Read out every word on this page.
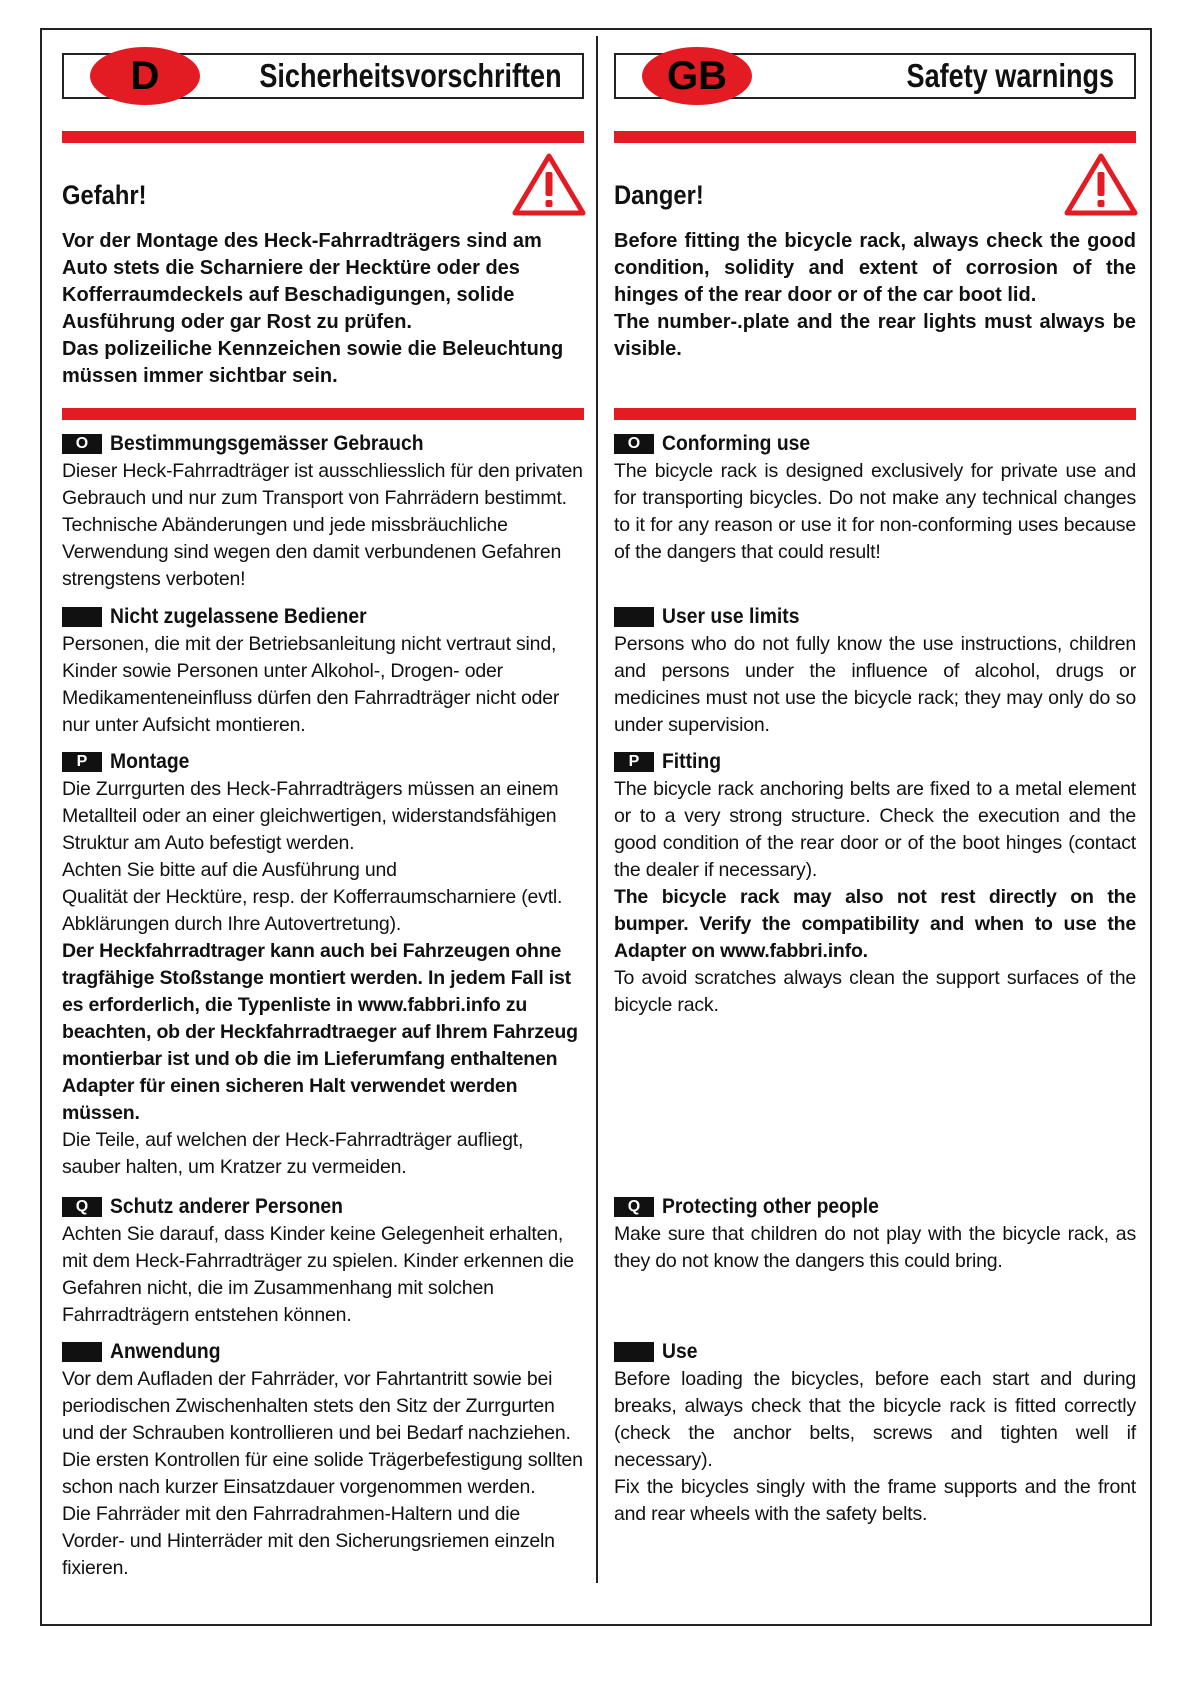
D	Sicherheitsvorschriften
Gefahr!

Vor der Montage des Heck-Fahrradträgers sind am Auto stets die Scharniere der Hecktüre oder des Kofferraumdeckels auf Beschadigungen, solide Ausführung oder gar Rost zu prüfen.

Das polizeiliche Kennzeichen sowie die Beleuchtung müssen immer sichtbar sein.

O	Bestimmungsgemässer Gebrauch

Dieser Heck-Fahrradträger ist ausschliesslich für den privaten Gebrauch und nur zum Transport von Fahrrädern bestimmt. Technische Abänderungen und jede missbräuchliche Verwendung sind wegen den damit verbundenen Gefahren strengstens verboten!

Nicht zugelassene Bediener

Personen, die mit der Betriebsanleitung nicht vertraut sind, Kinder sowie Personen unter Alkohol-, Drogen- oder Medikamenteneinfluss dürfen den Fahrradträger nicht oder nur unter Aufsicht montieren.

P	Montage

Die Zurrgurten des Heck-Fahrradträgers müssen an einem Metallteil oder an einer gleichwertigen, widerstandsfähigen Struktur am Auto befestigt werden.

Achten Sie bitte auf die Ausführung und

Qualität der Hecktüre, resp. der Kofferraumscharniere (evtl. Abklärungen durch Ihre Autovertretung).

Der Heckfahrradtrager kann auch bei Fahrzeugen ohne tragfähige Stoßstange montiert werden. In jedem Fall ist es erforderlich, die Typenliste in www.fabbri.info zu beachten, ob der Heckfahrradtraeger auf Ihrem Fahrzeug montierbar ist und ob die im Lieferumfang enthaltenen Adapter für einen sicheren Halt verwendet werden müssen.

Die Teile, auf welchen der Heck-Fahrradträger aufliegt, sauber halten, um Kratzer zu vermeiden.

Q	Schutz anderer Personen

Achten Sie darauf, dass Kinder keine Gelegenheit erhalten, mit dem Heck-Fahrradträger zu spielen. Kinder erkennen die Gefahren nicht, die im Zusammenhang mit solchen Fahrradträgern entstehen können.

Anwendung

Vor dem Aufladen der Fahrräder, vor Fahrtantritt sowie bei periodischen Zwischenhalten stets den Sitz der Zurrgurten und der Schrauben kontrollieren und bei Bedarf nachziehen. Die ersten Kontrollen für eine solide Trägerbefestigung sollten schon nach kurzer Einsatzdauer vorgenommen werden.

Die Fahrräder mit den Fahrradrahmen-Haltern und die Vorder- und Hinterräder mit den Sicherungsriemen einzeln fixieren.

GB	Safety warnings
Danger!

Before fitting the bicycle rack, always check the good condition, solidity and extent of corrosion of the hinges of the rear door or of the car boot lid.

The number-.plate and the rear lights must always be visible.

O	Conforming use

The bicycle rack is designed exclusively for private use and for transporting bicycles. Do not make any technical changes to it for any reason or use it for non-conforming uses because of the dangers that could result!

User use limits

Persons who do not fully know the use instructions, children and persons under the influence of alcohol, drugs or medicines must not use the bicycle rack; they may only do so under supervision.

P	Fitting

The bicycle rack anchoring belts are fixed to a metal element or to a very strong structure. Check the execution and the good condition of the rear door or of the boot hinges (contact the dealer if necessary).

The bicycle rack may also not rest directly on the bumper. Verify the compatibility and when to use the Adapter on www.fabbri.info.

To avoid scratches always clean the support surfaces of the bicycle rack.

Q	Protecting other people

Make sure that children do not play with the bicycle rack, as they do not know the dangers this could bring.

Use

Before loading the bicycles, before each start and during breaks, always check that the bicycle rack is fitted correctly (check the anchor belts, screws and tighten well if necessary).

Fix the bicycles singly with the frame supports and the front and rear wheels with the safety belts.
